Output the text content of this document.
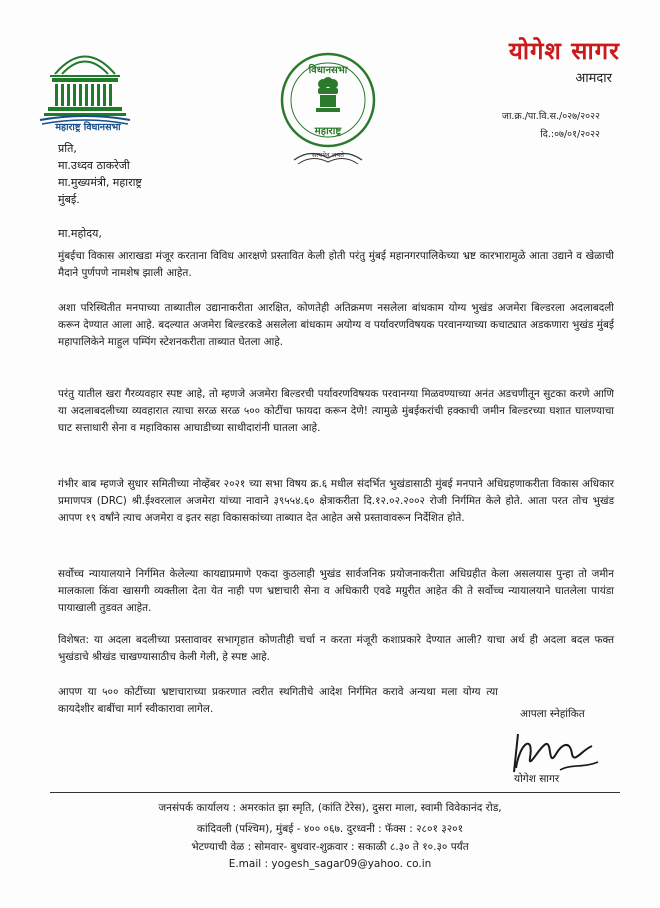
महाराष्ट्र विधानसभा
विधानसभा
महाराष्ट्र
सत्यमेव जयते
योगेश सागर
आमदार
जा.क्र./पा.वि.स./०२७/२०२२
दि.:०७/०१/२०२२
प्रति,
मा.उध्दव ठाकरेजी
मा.मुख्यमंत्री, महाराष्ट्र
मुंबई.
मा.महोदय,
मुंबईचा विकास आराखडा मंजूर करताना विविध आरक्षणे प्रस्तावित केली होती परंतु मुंबई महानगरपालिकेच्या भ्रष्ट कारभारामुळे आता उद्याने व खेळाची मैदाने पुर्णपणे नामशेष झाली आहेत.
अशा परिस्थितीत मनपाच्या ताब्यातील उद्यानाकरीता आरक्षित, कोणतेही अतिक्रमण नसलेला बांधकाम योग्य भुखंड अजमेरा बिल्डरला अदलाबदली करून देण्यात आला आहे. बदल्यात अजमेरा बिल्डरकडे असलेला बांधकाम अयोग्य व पर्यावरणविषयक परवानग्याच्या कचाट्यात अडकणारा भुखंड मुंबई महापालिकेने माहुल पम्पिंग स्टेशनकरीता ताब्यात घेतला आहे.
परंतु यातील खरा गैरव्यवहार स्पष्ट आहे, तो म्हणजे अजमेरा बिल्डरची पर्यावरणविषयक परवानग्या मिळवण्याच्या अनंत अडचणीतून सुटका करणे आणि या अदलाबदलीच्या व्यवहारात त्याचा सरळ सरळ ५०० कोटींचा फायदा करून देणे! त्यामुळे मुंबईकरांची हक्काची जमीन बिल्डरच्या घशात घालण्याचा घाट सत्ताधारी सेना व महाविकास आघाडीच्या साथीदारांनी घातला आहे.
गंभीर बाब म्हणजे सुधार समितीच्या नोव्हेंबर २०२१ च्या सभा विषय क्र.६ मधील संदर्भित भुखंडासाठी मुंबई मनपाने अधिग्रहणाकरीता विकास अधिकार प्रमाणपत्र (DRC) श्री.ईश्वरलाल अजमेरा यांच्या नावाने ३९५५४.६० क्षेत्राकरीता दि.१२.०२.२००२ रोजी निर्गमित केले होते. आता परत तोच भुखंड आपण १९ वर्षांने त्याच अजमेरा व इतर सहा विकासकांच्या ताब्यात देत आहेत असे प्रस्तावावरून निर्देशित होते.
सर्वोच्च न्यायालयाने निर्गमित केलेल्या कायद्याप्रमाणे एकदा कुठलाही भुखंड सार्वजनिक प्रयोजनाकरीता अधिग्रहीत केला असलयास पुन्हा तो जमीन मालकाला किंवा खासगी व्यक्तीला देता येत नाही पण भ्रष्टाचारी सेना व अधिकारी एवढे मग्रुरीत आहेत की ते सर्वोच्च न्यायालयाने घातलेला पायंडा पायाखाली तुडवत आहेत.
विशेषत: या अदला बदलीच्या प्रस्तावावर सभागृहात कोणतीही चर्चा न करता मंजूरी कशाप्रकारे देण्यात आली? याचा अर्थ ही अदला बदल फक्त भुखंडाचे श्रीखंड चाखण्यासाठीच केली गेली, हे स्पष्ट आहे.
आपण या ५०० कोटींच्या भ्रष्टाचाराच्या प्रकरणात त्वरीत स्थगितीचे आदेश निर्गमित करावे अन्यथा मला योग्य त्या कायदेशीर बाबींचा मार्ग स्वीकारावा लागेल.	आपला स्नेहांकित
योगेश सागर
जनसंपर्क कार्यालय : अमरकांत झा स्मृति, (कांति टेरेस), दुसरा माला, स्वामी विवेकानंद रोड,
कांदिवली (पश्चिम), मुंबई - ४०० ०६७. दुरध्वनी : फॅक्स : २८०१ ३२०१
भेटण्याची वेळ : सोमवार- बुधवार-शुक्रवार : सकाळी ८.३० ते १०.३० पर्यंत
E.mail : yogesh_sagar09@yahoo. co.in
